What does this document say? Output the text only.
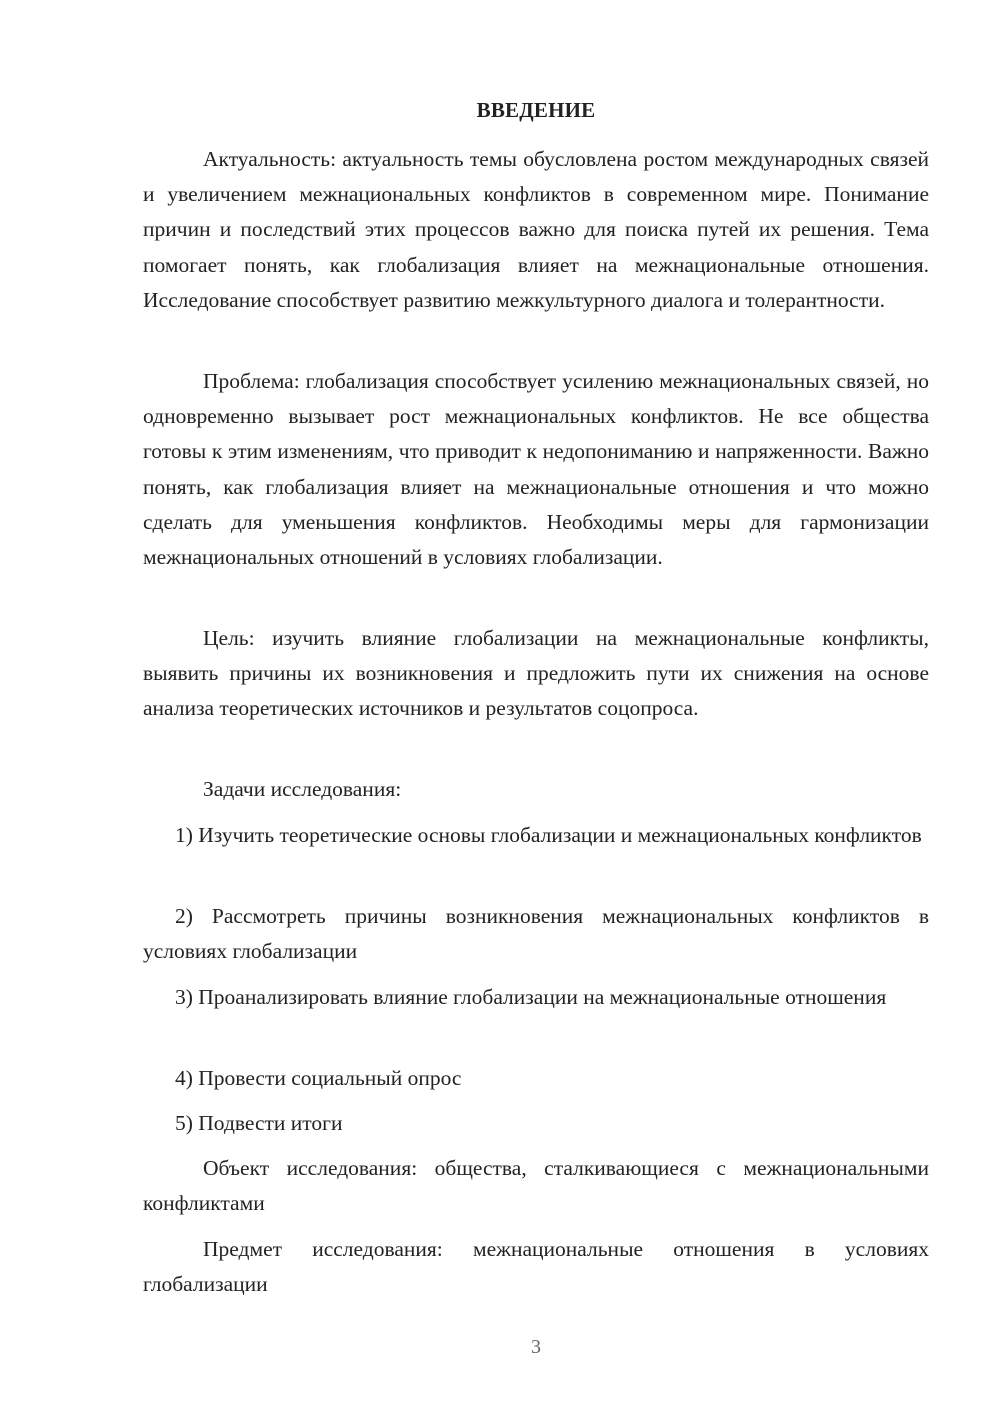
ВВЕДЕНИЕ

Актуальность: актуальность темы обусловлена ростом международных связей и увеличением межнациональных конфликтов в современном мире. Понимание причин и последствий этих процессов важно для поиска путей их решения. Тема помогает понять, как глобализация влияет на межнациональные отношения. Исследование способствует развитию межкультурного диалога и толерантности.

Проблема: глобализация способствует усилению межнациональных связей, но одновременно вызывает рост межнациональных конфликтов. Не все общества готовы к этим изменениям, что приводит к недопониманию и напряженности. Важно понять, как глобализация влияет на межнациональные отношения и что можно сделать для уменьшения конфликтов. Необходимы меры для гармонизации межнациональных отношений в условиях глобализации.

Цель: изучить влияние глобализации на межнациональные конфликты, выявить причины их возникновения и предложить пути их снижения на основе анализа теоретических источников и результатов соцопроса.

Задачи исследования:

1) Изучить теоретические основы глобализации и межнациональных конфликтов

2) Рассмотреть причины возникновения межнациональных конфликтов в условиях глобализации

3) Проанализировать влияние глобализации на межнациональные отношения

4) Провести социальный опрос

5) Подвести итоги

Объект исследования: общества, сталкивающиеся с межнациональными конфликтами

Предмет исследования: межнациональные отношения в условиях глобализации

3
